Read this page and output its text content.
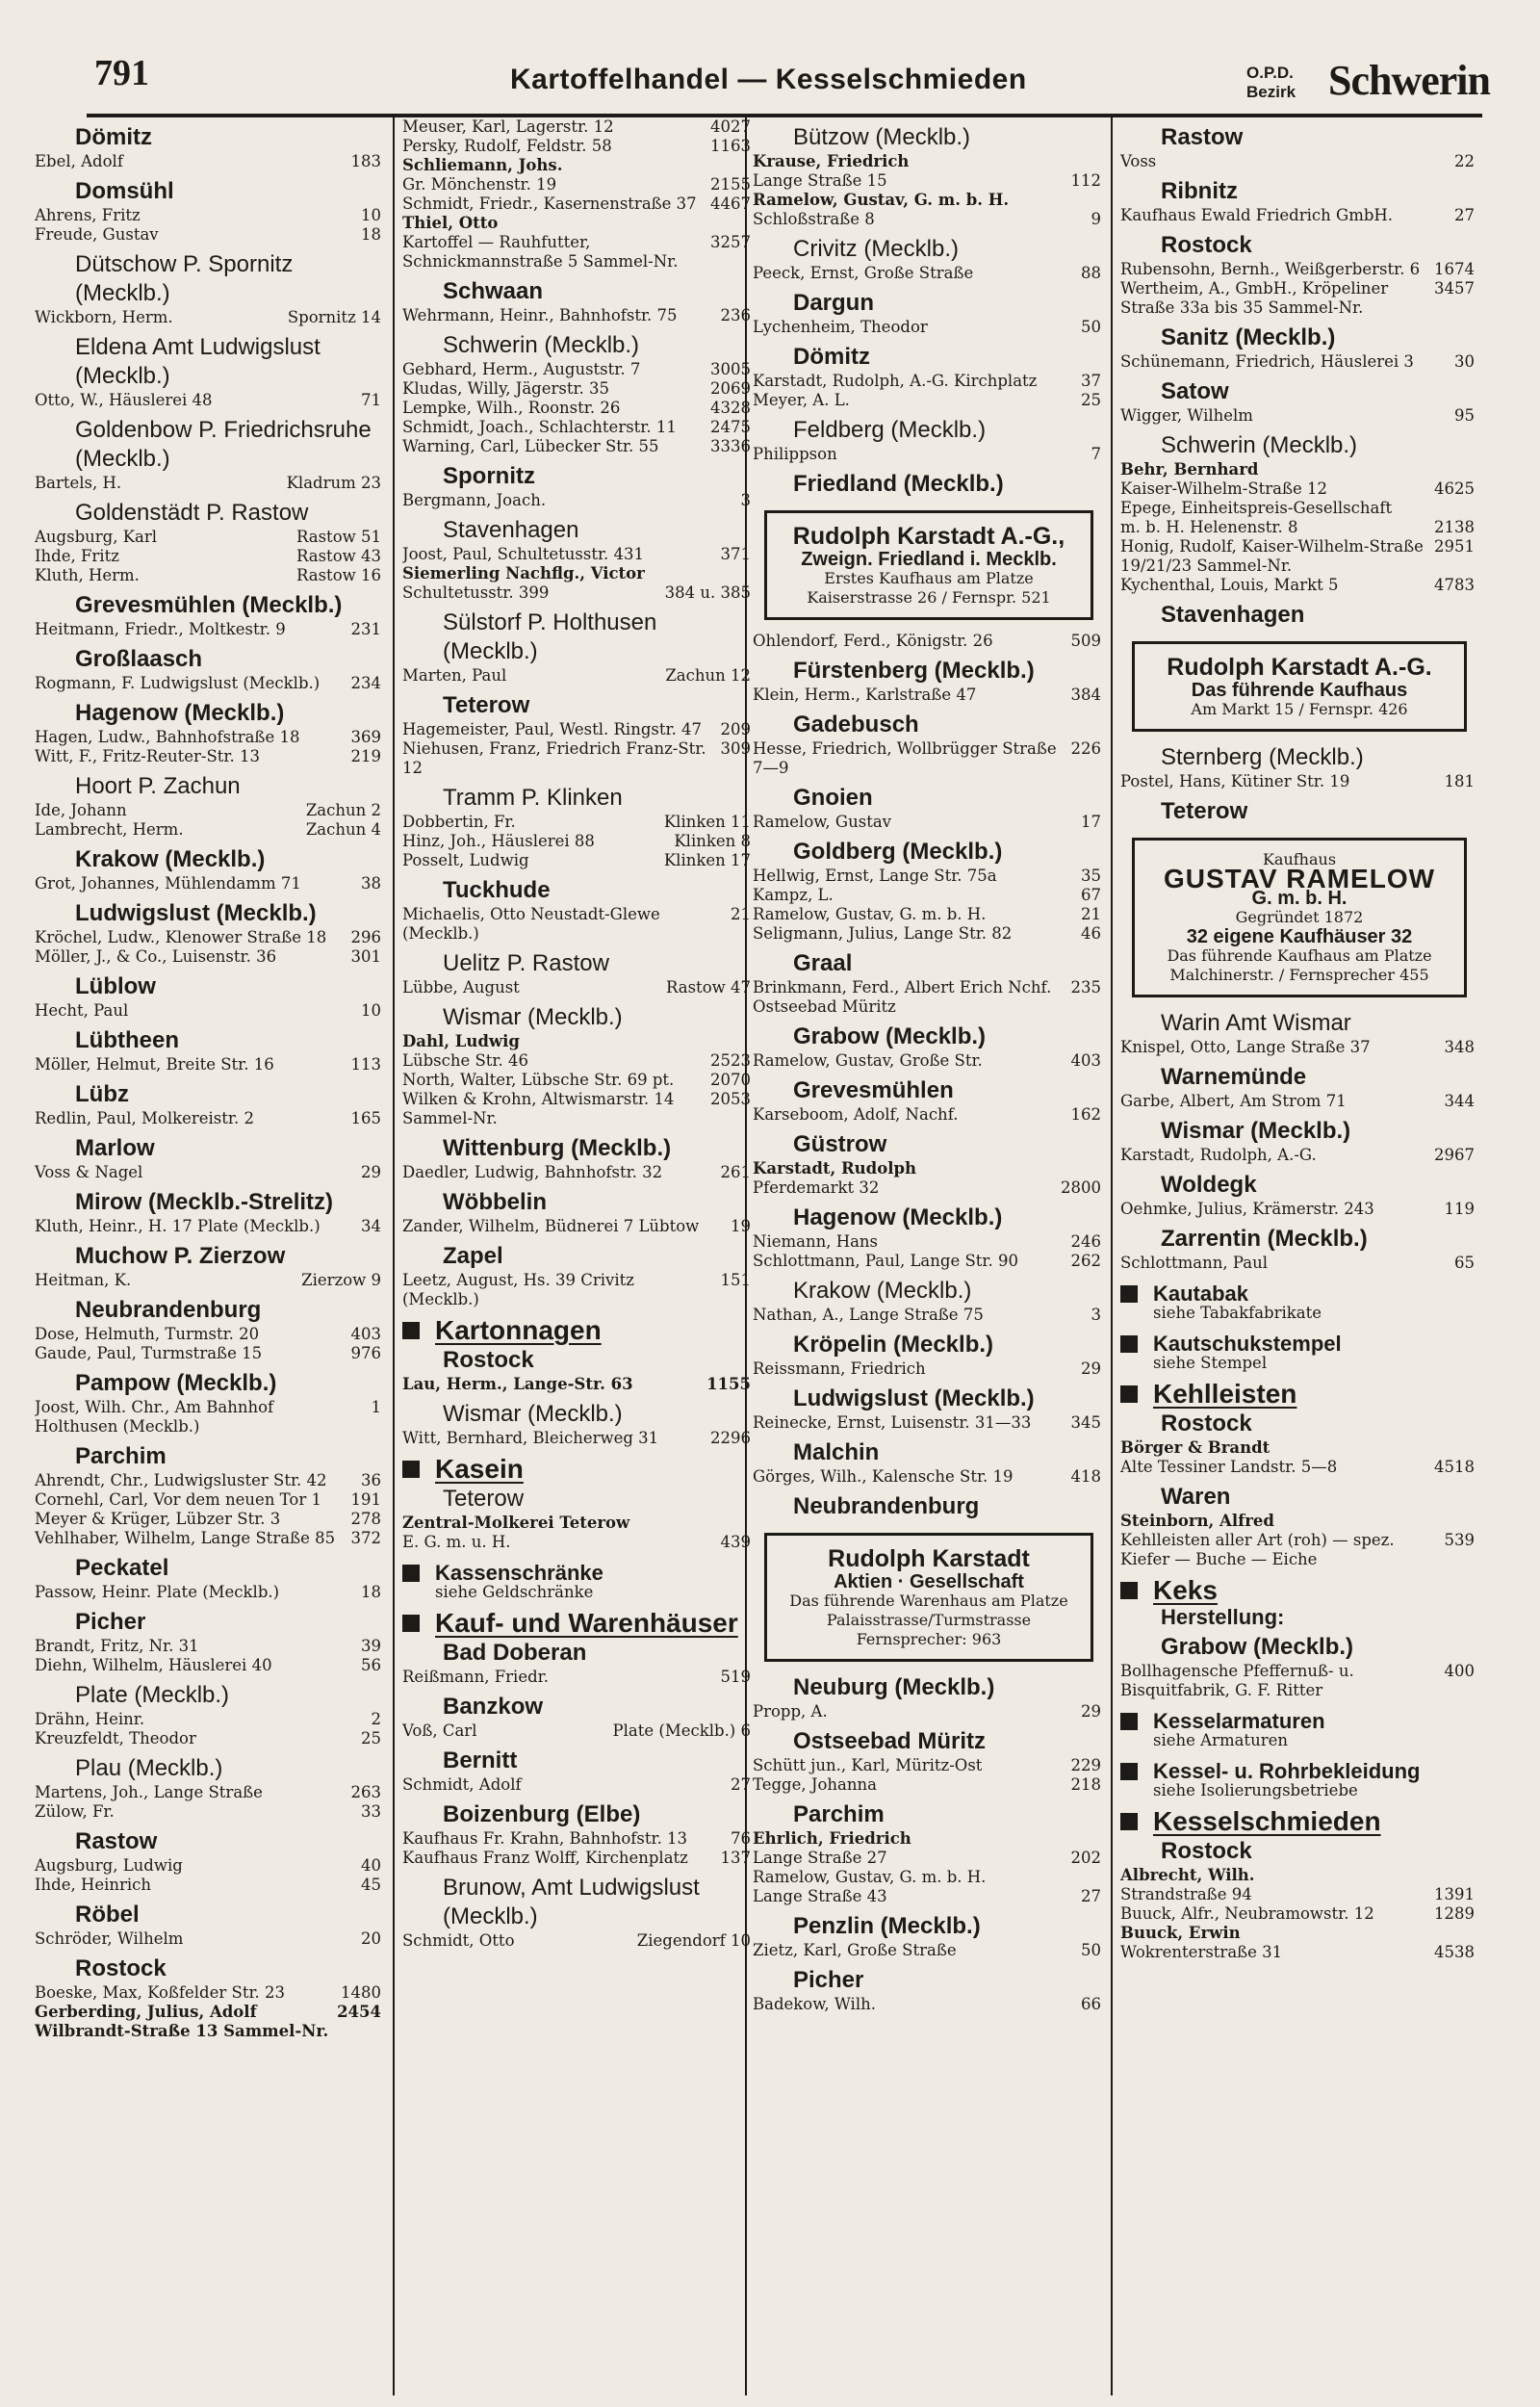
791	Kartoffelhandel — Kesselschmieden	O.P.D.
Bezirk Schwerin
Dömitz
Ebel, Adolf	183
Domsühl
Ahrens, Fritz	10
Freude, Gustav	18
Dütschow P. Spornitz (Mecklb.)
Wickborn, Herm.	Spornitz 14
Eldena Amt Ludwigslust (Mecklb.)
Otto, W., Häuslerei 48	71
Goldenbow P. Friedrichsruhe (Mecklb.)
Bartels, H.	Kladrum 23
Goldenstädt P. Rastow
Augsburg, Karl	Rastow 51
Ihde, Fritz	Rastow 43
Kluth, Herm.	Rastow 16
Grevesmühlen (Mecklb.)
Heitmann, Friedr., Moltkestr. 9	231
Großlaasch
Rogmann, F. Ludwigslust (Mecklb.) 234
Hagenow (Mecklb.)
Hagen, Ludw., Bahnhofstraße 18	369
Witt, F., Fritz-Reuter-Str. 13	219
Hoort P. Zachun
Ide, Johann	Zachun 2
Lambrecht, Herm.	Zachun 4
Krakow (Mecklb.)
Grot, Johannes, Mühlendamm 71	38
Ludwigslust (Mecklb.)
Kröchel, Ludw., Klenower Straße 18 296
Möller, J., & Co., Luisenstr. 36	301
Lüblow
Hecht, Paul	10
Lübtheen
Möller, Helmut, Breite Str. 16	113
Lübz
Redlin, Paul, Molkereistr. 2	165
Marlow
Voss & Nagel	29
Mirow (Mecklb.-Strelitz)
Kluth, Heinr., H. 17 Plate (Mecklb.)	34
Muchow P. Zierzow
Heitman, K.	Zierzow 9
Neubrandenburg
Dose, Helmuth, Turmstr. 20	403
Gaude, Paul, Turmstraße 15	976
Pampow (Mecklb.)
Joost, Wilh. Chr., Am Bahnhof Holthusen (Mecklb.)
1
Parchim
Ahrendt, Chr., Ludwigsluster Str. 42 36
Cornehl, Carl, Vor dem neuen Tor 1 191
Meyer & Krüger, Lübzer Str. 3	278
Vehlhaber, Wilhelm, Lange Straße 85 372
Peckatel
Passow, Heinr. Plate (Mecklb.)	18
Picher
Brandt, Fritz, Nr. 31	39
Diehn, Wilhelm, Häuslerei 40	56
Plate (Mecklb.)
Drähn, Heinr.	2
Kreuzfeldt, Theodor	25
Plau (Mecklb.)
Martens, Joh., Lange Straße	263
Zülow, Fr.	33
Rastow
Augsburg, Ludwig	40
Ihde, Heinrich	45
Röbel
Schröder, Wilhelm	20
Rostock
Boeske, Max, Koßfelder Str. 23	1480
Gerberding, Julius, Adolf Wilbrandt-Straße 13 Sammel-Nr.
2454
Meuser, Karl, Lagerstr. 12	4027
Persky, Rudolf, Feldstr. 58	1163
Schliemann, Johs.
Gr. Mönchenstr. 19	2155
Schmidt, Friedr., Kasernenstraße 37 4467
Thiel, Otto
Kartoffel — Rauhfutter, Schnickmannstraße 5 Sammel-Nr.
3257
Schwaan
Wehrmann, Heinr., Bahnhofstr. 75	236
Schwerin (Mecklb.)
Gebhard, Herm., Auguststr. 7	3005
Kludas, Willy, Jägerstr. 35	2069
Lempke, Wilh., Roonstr. 26	4328
Schmidt, Joach., Schlachterstr. 11 2475
Warning, Carl, Lübecker Str. 55	3336
Spornitz
Bergmann, Joach.	3
Stavenhagen
Joost, Paul, Schultetusstr. 431	371
Siemerling Nachflg., Victor
Schultetusstr. 399	384 u. 385
Sülstorf P. Holthusen (Mecklb.)
Marten, Paul	Zachun 12
Teterow
Hagemeister, Paul, Westl. Ringstr. 47 209
Niehusen, Franz, Friedrich Franz-Str. 12
309
Tramm P. Klinken
Dobbertin, Fr.	Klinken 11
Hinz, Joh., Häuslerei 88	Klinken 8
Posselt, Ludwig	Klinken 17
Tuckhude
Michaelis, Otto Neustadt-Glewe (Mecklb.)
21
Uelitz P. Rastow
Lübbe, August	Rastow 47
Wismar (Mecklb.)
Dahl, Ludwig
Lübsche Str. 46	2523
North, Walter, Lübsche Str. 69 pt. 2070
Wilken & Krohn, Altwismarstr. 14 Sammel-Nr.
2053
Wittenburg (Mecklb.)
Daedler, Ludwig, Bahnhofstr. 32	261
Wöbbelin
Zander, Wilhelm, Büdnerei 7 Lübtow 19
Zapel
Leetz, August, Hs. 39 Crivitz (Mecklb.)
151
Kartonnagen
Rostock
Lau, Herm., Lange-Str. 63	1155
Wismar (Mecklb.)
Witt, Bernhard, Bleicherweg 31	2296
Kasein
Teterow
Zentral-Molkerei Teterow
E. G. m. u. H.	439
Kassenschränke
siehe Geldschränke
Kauf- und Warenhäuser
Bad Doberan
Reißmann, Friedr.	519
Banzkow
Voß, Carl	Plate (Mecklb.) 6
Bernitt
Schmidt, Adolf	27
Boizenburg (Elbe)
Kaufhaus Fr. Krahn, Bahnhofstr. 13	76
Kaufhaus Franz Wolff, Kirchenplatz 137
Brunow, Amt Ludwigslust (Mecklb.)
Schmidt, Otto	Ziegendorf 10
Bützow (Mecklb.)
Krause, Friedrich
Lange Straße 15	112
Ramelow, Gustav, G. m. b. H.
Schloßstraße 8	9
Crivitz (Mecklb.)
Peeck, Ernst, Große Straße	88
Dargun
Lychenheim, Theodor	50
Dömitz
Karstadt, Rudolph, A.-G. Kirchplatz	37
Meyer, A. L.	25
Feldberg (Mecklb.)
Philippson	7
Friedland (Mecklb.)
Rudolph Karstadt A.-G.,
Zweign. Friedland i. Mecklb.
Erstes Kaufhaus am Platze
Kaiserstrasse 26 / Fernspr. 521
Ohlendorf, Ferd., Königstr. 26	509
Fürstenberg (Mecklb.)
Klein, Herm., Karlstraße 47	384
Gadebusch
Hesse, Friedrich, Wollbrügger Straße 7—9
226
Gnoien
Ramelow, Gustav	17
Goldberg (Mecklb.)
Hellwig, Ernst, Lange Str. 75a	35
Kampz, L.	67
Ramelow, Gustav, G. m. b. H.	21
Seligmann, Julius, Lange Str. 82	46
Graal
Brinkmann, Ferd., Albert Erich Nchf. Ostseebad Müritz
235
Grabow (Mecklb.)
Ramelow, Gustav, Große Str.	403
Grevesmühlen
Karseboom, Adolf, Nachf.	162
Güstrow
Karstadt, Rudolph
Pferdemarkt 32	2800
Hagenow (Mecklb.)
Niemann, Hans	246
Schlottmann, Paul, Lange Str. 90	262
Krakow (Mecklb.)
Nathan, A., Lange Straße 75	3
Kröpelin (Mecklb.)
Reissmann, Friedrich	29
Ludwigslust (Mecklb.)
Reinecke, Ernst, Luisenstr. 31—33 345
Malchin
Görges, Wilh., Kalensche Str. 19	418
Neubrandenburg
Rudolph Karstadt
Aktien · Gesellschaft
Das führende Warenhaus am Platze
Palaisstrasse/Turmstrasse
Fernsprecher: 963
Neuburg (Mecklb.)
Propp, A.	29
Ostseebad Müritz
Schütt jun., Karl, Müritz-Ost	229
Tegge, Johanna	218
Parchim
Ehrlich, Friedrich
Lange Straße 27	202
Ramelow, Gustav, G. m. b. H.
Lange Straße 43	27
Penzlin (Mecklb.)
Zietz, Karl, Große Straße	50
Picher
Badekow, Wilh.	66
Rastow
Voss	22
Ribnitz
Kaufhaus Ewald Friedrich GmbH.	27
Rostock
Rubensohn, Bernh., Weißgerberstr. 6 1674
Wertheim, A., GmbH., Kröpeliner Straße 33a bis 35 Sammel-Nr.
3457
Sanitz (Mecklb.)
Schünemann, Friedrich, Häuslerei 3	30
Satow
Wigger, Wilhelm	95
Schwerin (Mecklb.)
Behr, Bernhard
Kaiser-Wilhelm-Straße 12	4625
Epege, Einheitspreis-Gesellschaft
m. b. H. Helenenstr. 8	2138
Honig, Rudolf, Kaiser-Wilhelm-Straße 19/21/23 Sammel-Nr.
2951
Kychenthal, Louis, Markt 5	4783
Stavenhagen
Rudolph Karstadt A.-G.
Das führende Kaufhaus
Am Markt 15 / Fernspr. 426
Sternberg (Mecklb.)
Postel, Hans, Kütiner Str. 19	181
Teterow
Kaufhaus
GUSTAV RAMELOW
G. m. b. H.
Gegründet 1872
32 eigene Kaufhäuser 32
Das führende Kaufhaus am Platze
Malchinerstr. / Fernsprecher 455
Warin Amt Wismar
Knispel, Otto, Lange Straße 37	348
Warnemünde
Garbe, Albert, Am Strom 71	344
Wismar (Mecklb.)
Karstadt, Rudolph, A.-G.	2967
Woldegk
Oehmke, Julius, Krämerstr. 243	119
Zarrentin (Mecklb.)
Schlottmann, Paul	65
Kautabak
siehe Tabakfabrikate
Kautschukstempel
siehe Stempel
Kehlleisten
Rostock
Börger & Brandt
Alte Tessiner Landstr. 5—8	4518
Waren
Steinborn, Alfred
Kehlleisten aller Art (roh) — spez. Kiefer — Buche — Eiche
539
Keks
Herstellung:
Grabow (Mecklb.)
Bollhagensche Pfeffernuß- u. Bisquitfabrik, G. F. Ritter
400
Kesselarmaturen
siehe Armaturen
Kessel- u. Rohrbekleidung
siehe Isolierungsbetriebe
Kesselschmieden
Rostock
Albrecht, Wilh.
Strandstraße 94	1391
Buuck, Alfr., Neubramowstr. 12	1289
Buuck, Erwin
Wokrenterstraße 31	4538
